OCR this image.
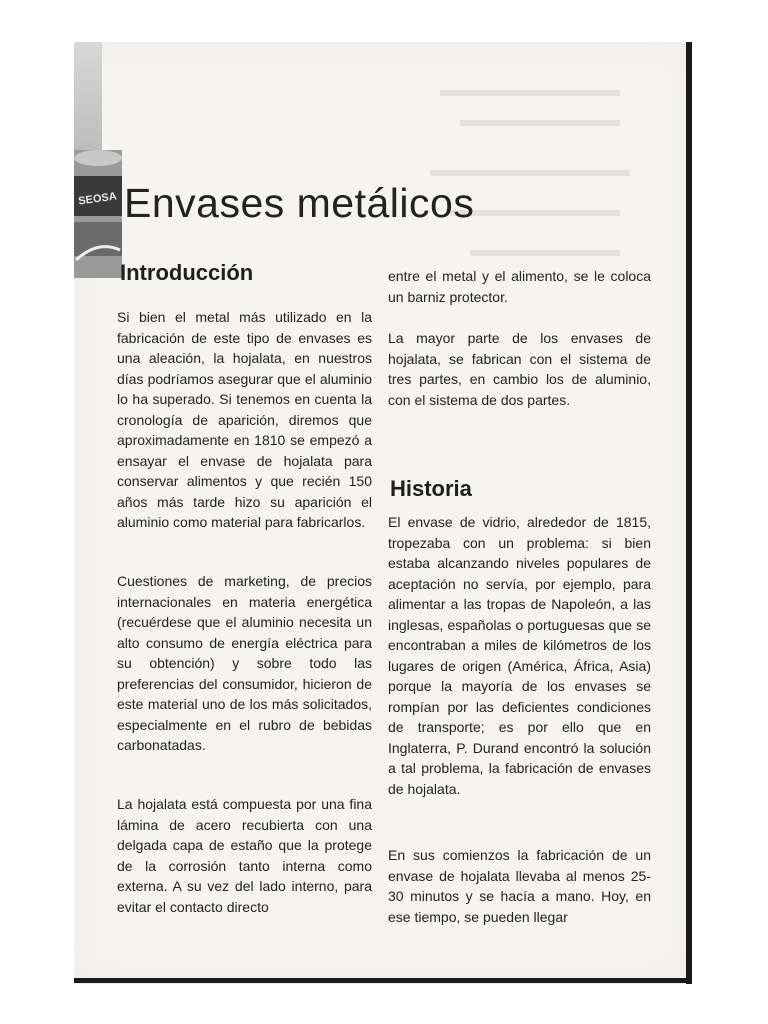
SEOSA Envases metálicos
Introducción

Si bien el metal más utilizado en la fabricación de este tipo de envases es una aleación, la hojalata, en nuestros días podríamos asegurar que el aluminio lo ha superado. Si tenemos en cuenta la cronología de aparición, diremos que aproximadamente en 1810 se empezó a ensayar el envase de hojalata para conservar alimentos y que recién 150 años más tarde hizo su aparición el aluminio como material para fabricarlos.

Cuestiones de marketing, de precios internacionales en materia energética (recuérdese que el aluminio necesita un alto consumo de energía eléctrica para su obtención) y sobre todo las preferencias del consumidor, hicieron de este material uno de los más solicitados, especialmente en el rubro de bebidas carbonatadas.

La hojalata está compuesta por una fina lámina de acero recubierta con una delgada capa de estaño que la protege de la corrosión tanto interna como externa. A su vez del lado interno, para evitar el contacto directo

entre el metal y el alimento, se le coloca un barniz protector.

La mayor parte de los envases de hojalata, se fabrican con el sistema de tres partes, en cambio los de aluminio, con el sistema de dos partes.

Historia

El envase de vidrio, alrededor de 1815, tropezaba con un problema: si bien estaba alcanzando niveles populares de aceptación no servía, por ejemplo, para alimentar a las tropas de Napoleón, a las inglesas, españolas o portuguesas que se encontraban a miles de kilómetros de los lugares de origen (América, África, Asia) porque la mayoría de los envases se rompían por las deficientes condiciones de transporte; es por ello que en Inglaterra, P. Durand encontró la solución a tal problema, la fabricación de envases de hojalata.

En sus comienzos la fabricación de un envase de hojalata llevaba al menos 25-30 minutos y se hacía a mano. Hoy, en ese tiempo, se pueden llegar
